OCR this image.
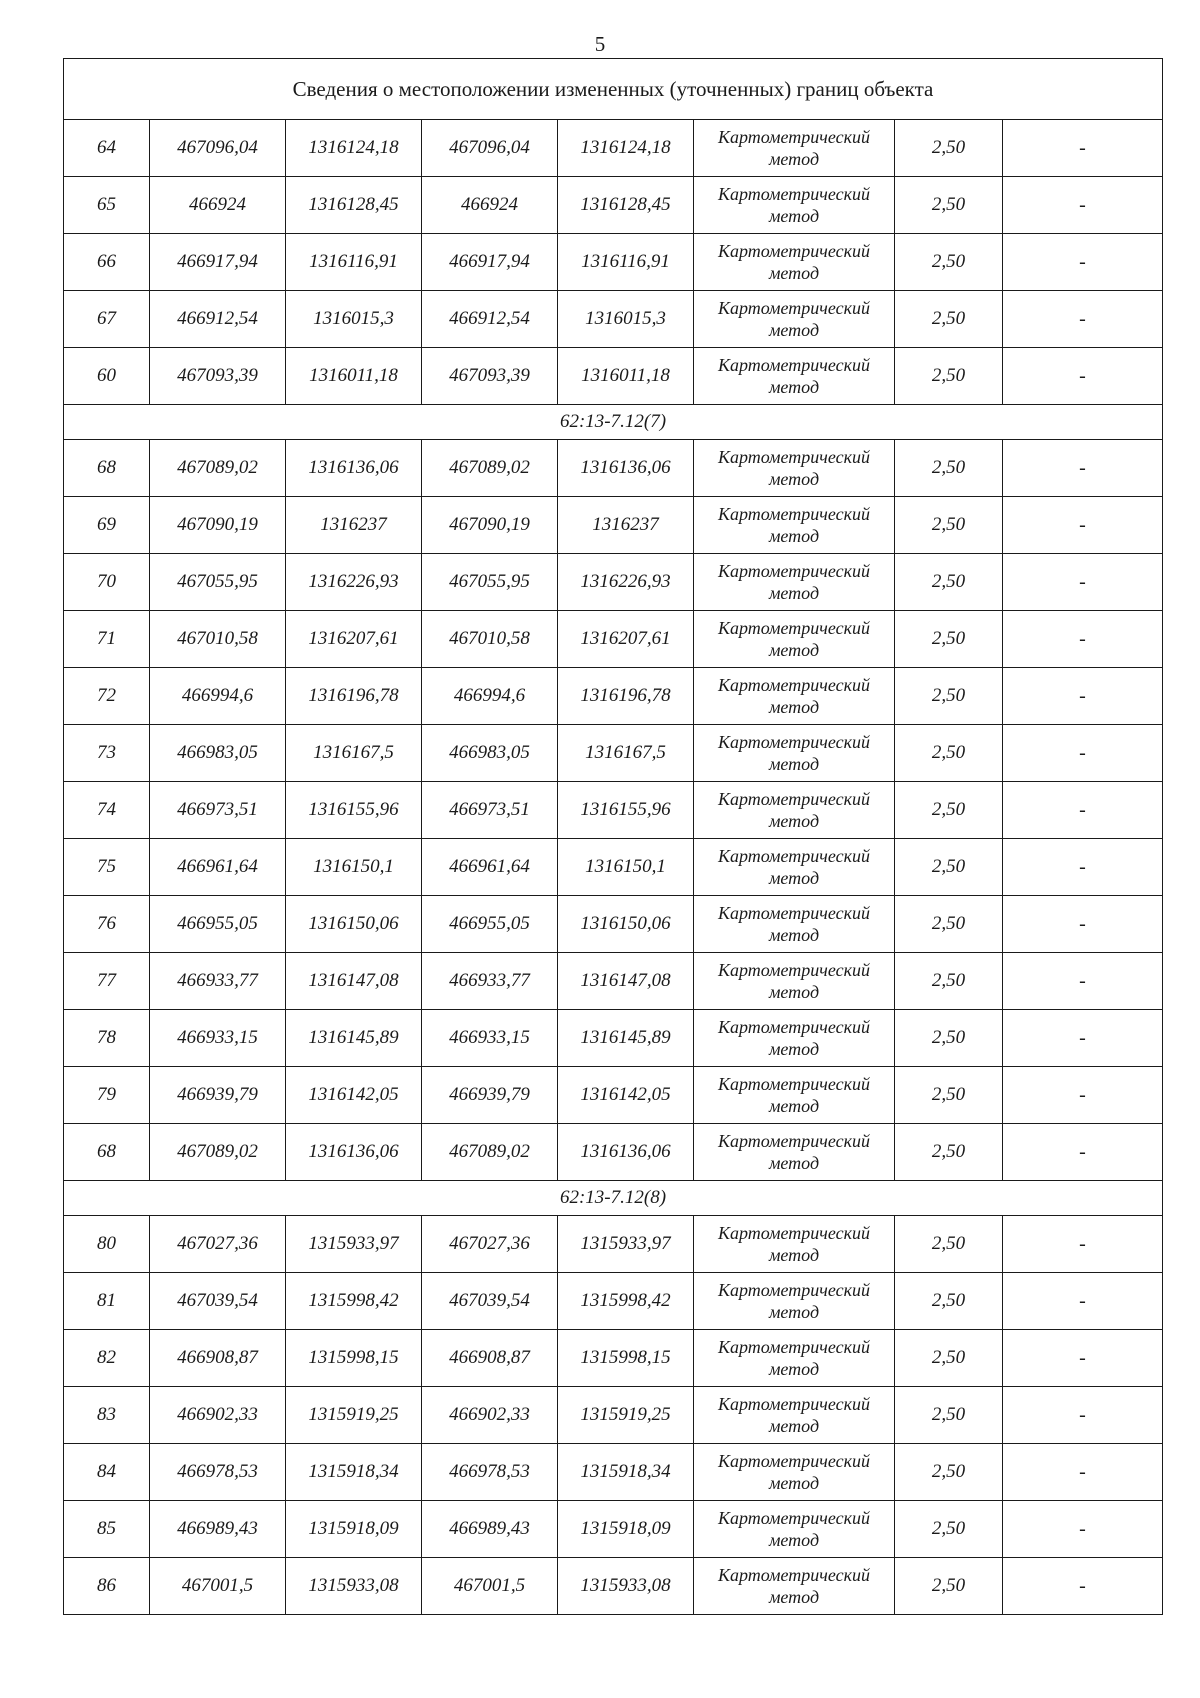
5
Сведения о местоположении измененных (уточненных) границ объекта							
64	467096,04	1316124,18	467096,04	1316124,18	Картометрический
метод	2,50	-
65	466924	1316128,45	466924	1316128,45	Картометрический
метод	2,50	-
66	466917,94	1316116,91	466917,94	1316116,91	Картометрический
метод	2,50	-
67	466912,54	1316015,3	466912,54	1316015,3	Картометрический
метод	2,50	-
60	467093,39	1316011,18	467093,39	1316011,18	Картометрический
метод	2,50	-
62:13-7.12(7)							
68	467089,02	1316136,06	467089,02	1316136,06	Картометрический
метод	2,50	-
69	467090,19	1316237	467090,19	1316237	Картометрический
метод	2,50	-
70	467055,95	1316226,93	467055,95	1316226,93	Картометрический
метод	2,50	-
71	467010,58	1316207,61	467010,58	1316207,61	Картометрический
метод	2,50	-
72	466994,6	1316196,78	466994,6	1316196,78	Картометрический
метод	2,50	-
73	466983,05	1316167,5	466983,05	1316167,5	Картометрический
метод	2,50	-
74	466973,51	1316155,96	466973,51	1316155,96	Картометрический
метод	2,50	-
75	466961,64	1316150,1	466961,64	1316150,1	Картометрический
метод	2,50	-
76	466955,05	1316150,06	466955,05	1316150,06	Картометрический
метод	2,50	-
77	466933,77	1316147,08	466933,77	1316147,08	Картометрический
метод	2,50	-
78	466933,15	1316145,89	466933,15	1316145,89	Картометрический
метод	2,50	-
79	466939,79	1316142,05	466939,79	1316142,05	Картометрический
метод	2,50	-
68	467089,02	1316136,06	467089,02	1316136,06	Картометрический
метод	2,50	-
62:13-7.12(8)							
80	467027,36	1315933,97	467027,36	1315933,97	Картометрический
метод	2,50	-
81	467039,54	1315998,42	467039,54	1315998,42	Картометрический
метод	2,50	-
82	466908,87	1315998,15	466908,87	1315998,15	Картометрический
метод	2,50	-
83	466902,33	1315919,25	466902,33	1315919,25	Картометрический
метод	2,50	-
84	466978,53	1315918,34	466978,53	1315918,34	Картометрический
метод	2,50	-
85	466989,43	1315918,09	466989,43	1315918,09	Картометрический
метод	2,50	-
86	467001,5	1315933,08	467001,5	1315933,08	Картометрический
метод	2,50	-
